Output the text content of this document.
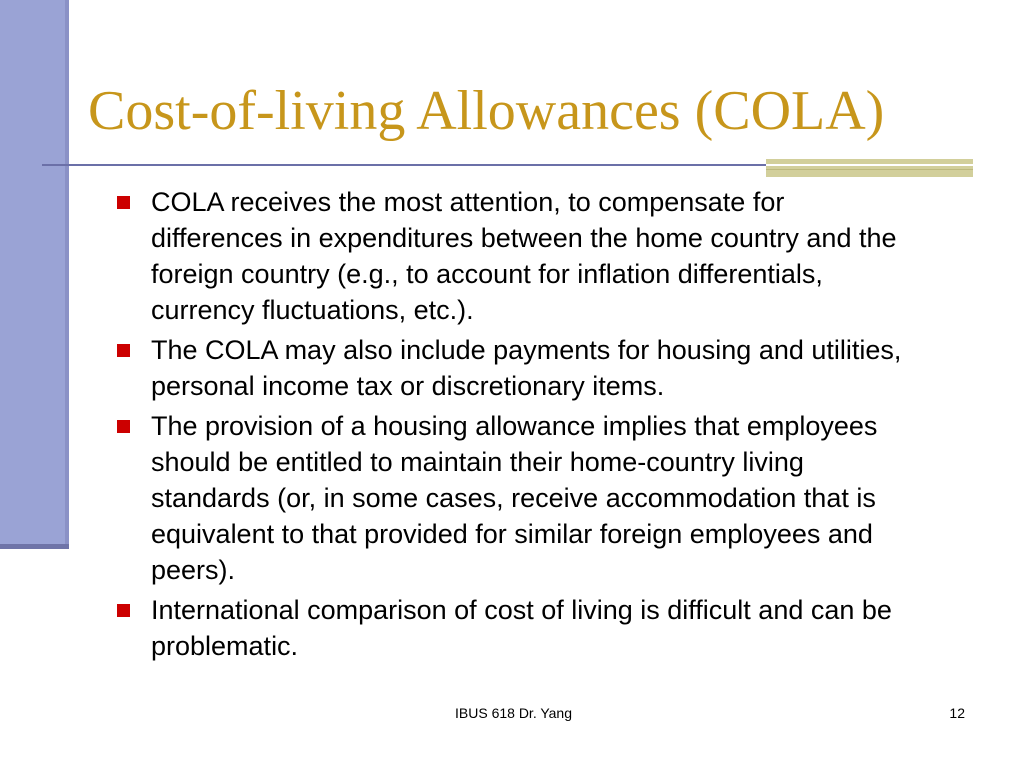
Cost-of-living Allowances (COLA)
COLA receives the most attention, to compensate for differences in expenditures between the home country and the foreign country (e.g., to account for inflation differentials, currency fluctuations, etc.).
The COLA may also include payments for housing and utilities, personal income tax or discretionary items.
The provision of a housing allowance implies that employees should be entitled to maintain their home-country living standards (or, in some cases, receive accommodation that is equivalent to that provided for similar foreign employees and peers).
International comparison of cost of living is difficult and can be problematic.
IBUS 618 Dr. Yang	12
